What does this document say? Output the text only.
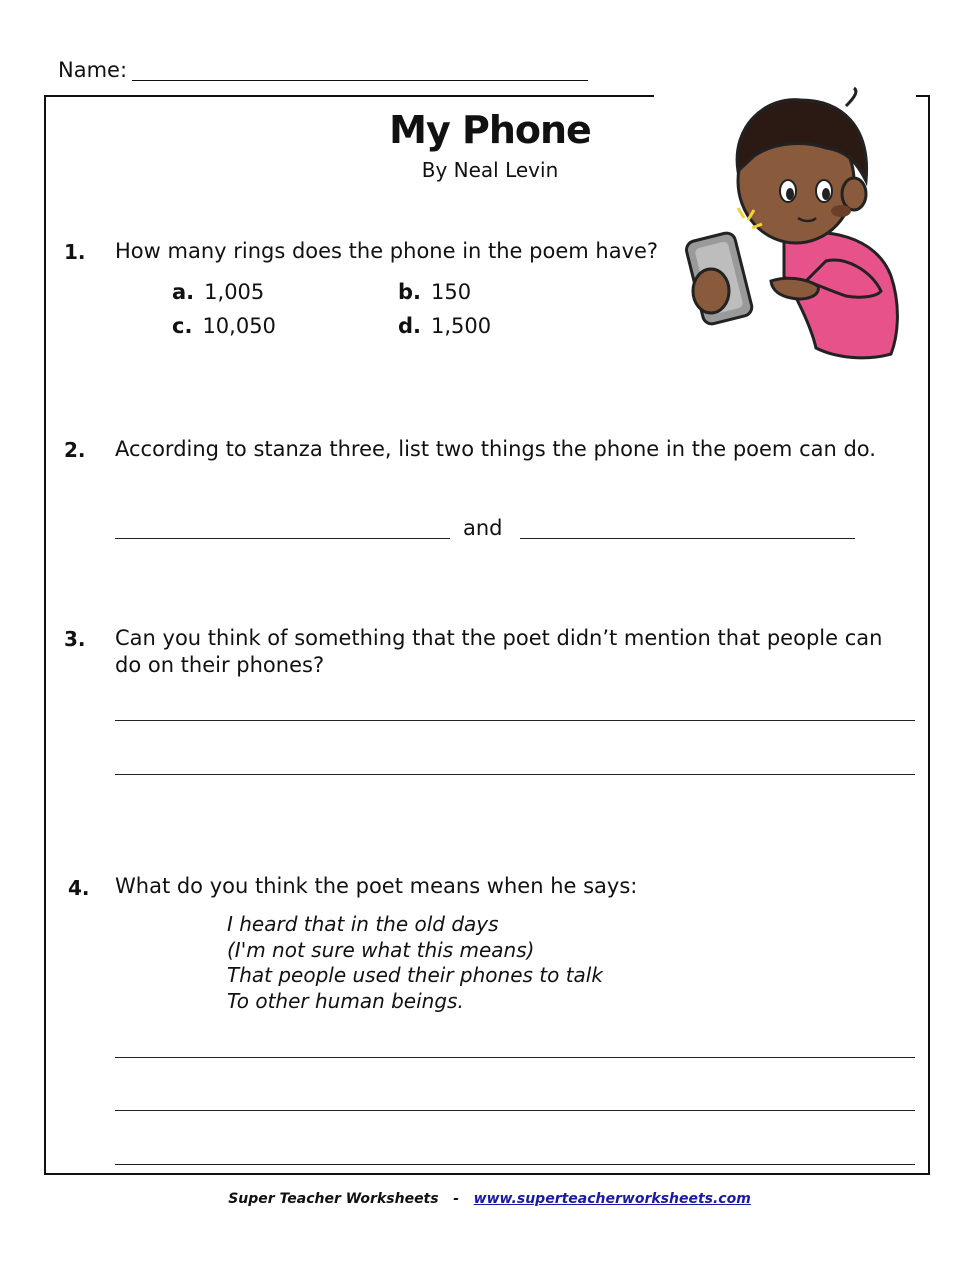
Name:
My Phone
By Neal Levin
1. How many rings does the phone in the poem have?
a. 1,005	b. 150
c. 10,050	d. 1,500
2. According to stanza three, list two things the phone in the poem can do.
and
3. Can you think of something that the poet didn’t mention that people can
do on their phones?
4. What do you think the poet means when he says:
I heard that in the old days
(I'm not sure what this means)
That people used their phones to talk
To other human beings.
Super Teacher Worksheets - www.superteacherworksheets.com
